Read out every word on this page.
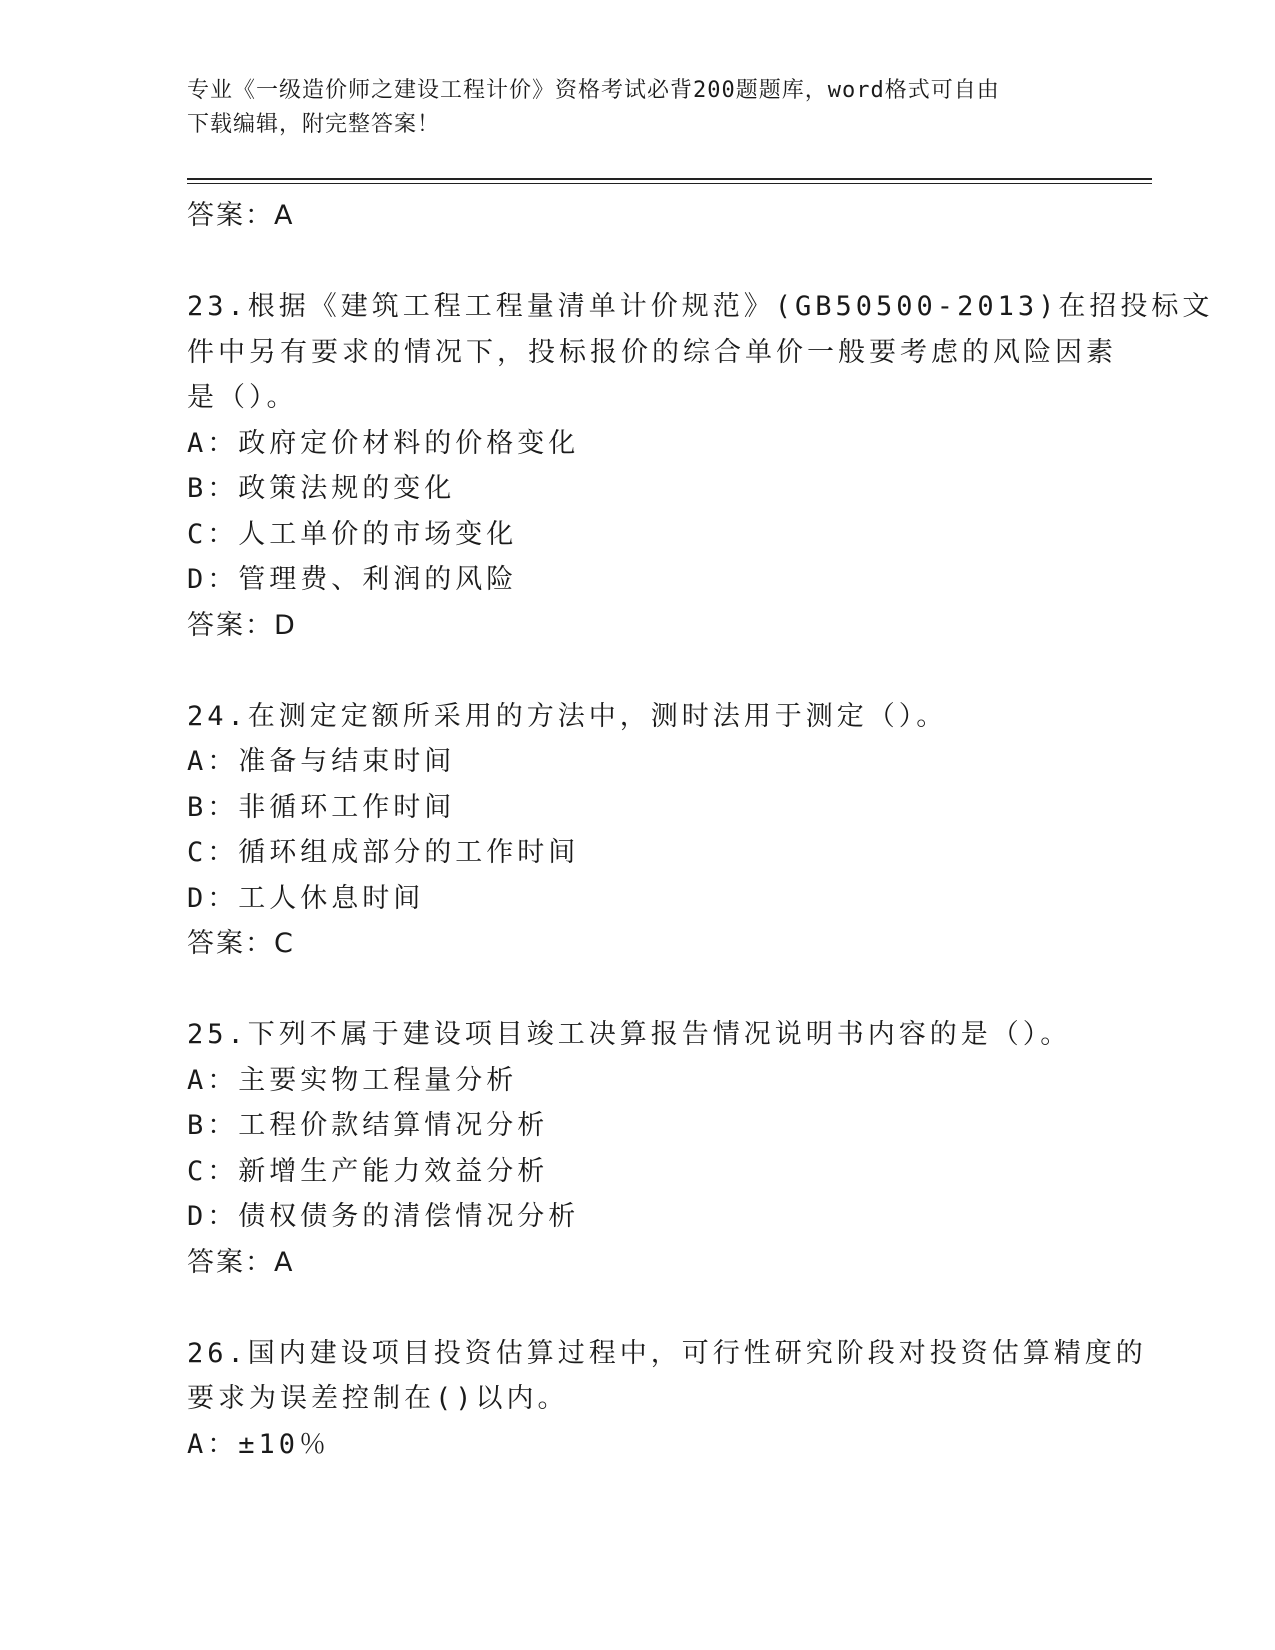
专业《一级造价师之建设工程计价》资格考试必背200题题库，word格式可自由
下载编辑，附完整答案！
答案：A
23.根据《建筑工程工程量清单计价规范》(GB50500-2013)在招投标文
件中另有要求的情况下，投标报价的综合单价一般要考虑的风险因素
是（）。
A：政府定价材料的价格变化
B：政策法规的变化
C：人工单价的市场变化
D：管理费、利润的风险
答案：D
24.在测定定额所采用的方法中，测时法用于测定（）。
A：准备与结束时间
B：非循环工作时间
C：循环组成部分的工作时间
D：工人休息时间
答案：C
25.下列不属于建设项目竣工决算报告情况说明书内容的是（）。
A：主要实物工程量分析
B：工程价款结算情况分析
C：新增生产能力效益分析
D：债权债务的清偿情况分析
答案：A
26.国内建设项目投资估算过程中，可行性研究阶段对投资估算精度的
要求为误差控制在()以内。
A：±10％
